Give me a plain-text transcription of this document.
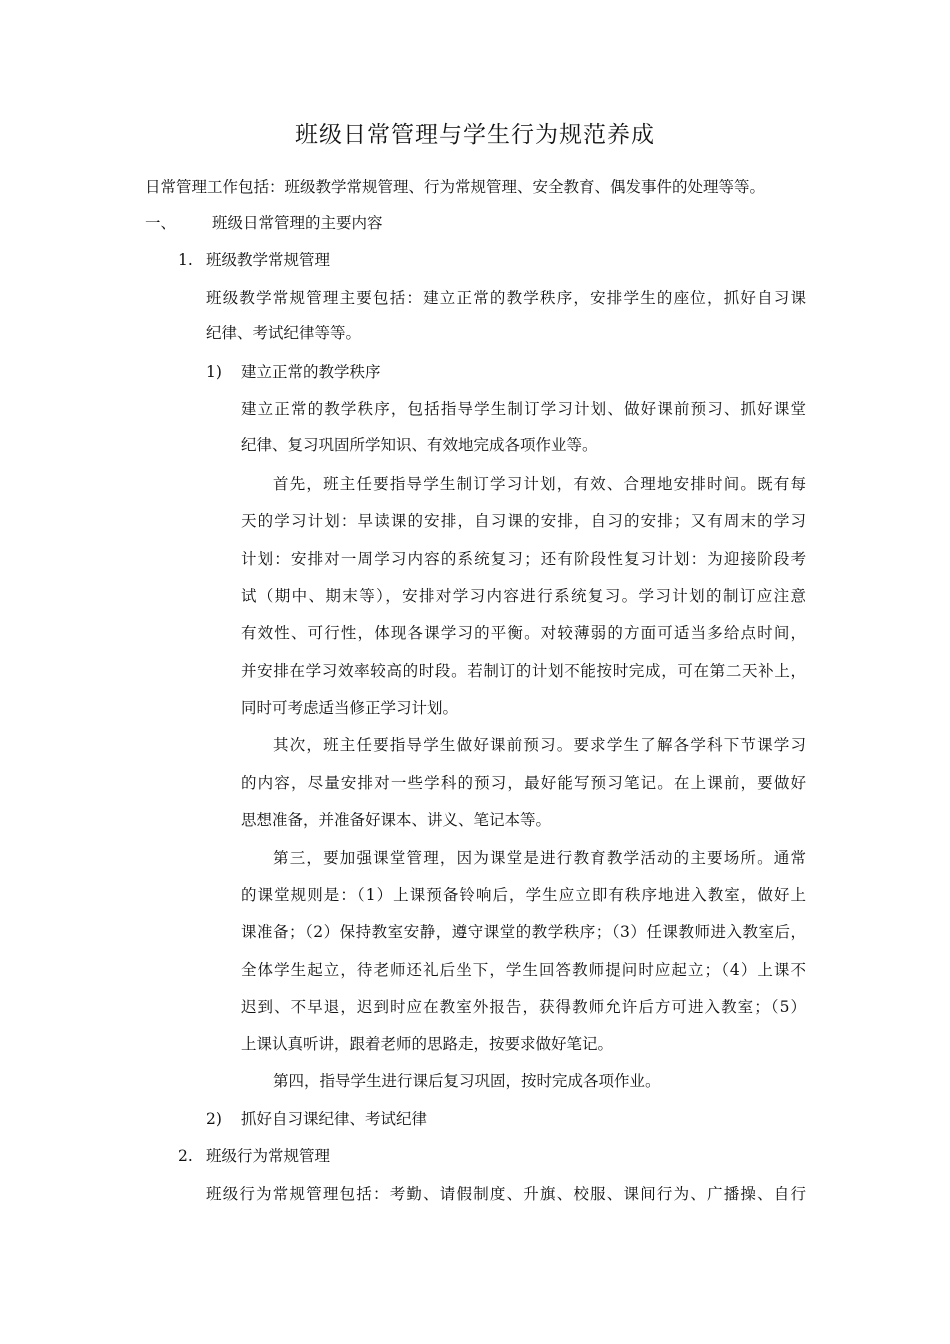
班级日常管理与学生行为规范养成
日常管理工作包括：班级教学常规管理、行为常规管理、安全教育、偶发事件的处理等等。
一、 班级日常管理的主要内容
1. 班级教学常规管理
班级教学常规管理主要包括：建立正常的教学秩序，安排学生的座位，抓好自习课
纪律、考试纪律等等。
1) 建立正常的教学秩序
建立正常的教学秩序，包括指导学生制订学习计划、做好课前预习、抓好课堂
纪律、复习巩固所学知识、有效地完成各项作业等。
首先，班主任要指导学生制订学习计划，有效、合理地安排时间。既有每
天的学习计划：早读课的安排，自习课的安排，自习的安排；又有周末的学习
计划：安排对一周学习内容的系统复习；还有阶段性复习计划：为迎接阶段考
试（期中、期末等），安排对学习内容进行系统复习。学习计划的制订应注意
有效性、可行性，体现各课学习的平衡。对较薄弱的方面可适当多给点时间，
并安排在学习效率较高的时段。若制订的计划不能按时完成，可在第二天补上，
同时可考虑适当修正学习计划。
其次，班主任要指导学生做好课前预习。要求学生了解各学科下节课学习
的内容，尽量安排对一些学科的预习，最好能写预习笔记。在上课前，要做好
思想准备，并准备好课本、讲义、笔记本等。
第三，要加强课堂管理，因为课堂是进行教育教学活动的主要场所。通常
的课堂规则是：（1）上课预备铃响后，学生应立即有秩序地进入教室，做好上
课准备；（2）保持教室安静，遵守课堂的教学秩序；（3）任课教师进入教室后，
全体学生起立，待老师还礼后坐下，学生回答教师提问时应起立；（4）上课不
迟到、不早退，迟到时应在教室外报告，获得教师允许后方可进入教室；（5）
上课认真听讲，跟着老师的思路走，按要求做好笔记。
第四，指导学生进行课后复习巩固，按时完成各项作业。
2) 抓好自习课纪律、考试纪律
2. 班级行为常规管理
班级行为常规管理包括：考勤、请假制度、升旗、校服、课间行为、广播操、自行
